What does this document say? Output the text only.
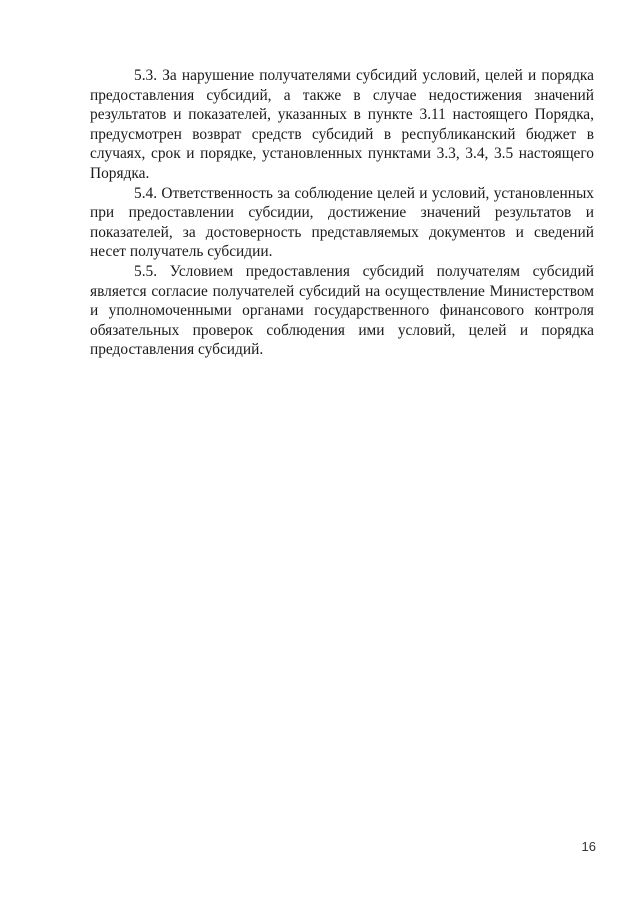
5.3. За нарушение получателями субсидий условий, целей и порядка предоставления субсидий, а также в случае недостижения значений результатов и показателей, указанных в пункте 3.11 настоящего Порядка, предусмотрен возврат средств субсидий в республиканский бюджет в случаях, срок и порядке, установленных пунктами 3.3, 3.4, 3.5 настоящего Порядка.

5.4. Ответственность за соблюдение целей и условий, установленных при предоставлении субсидии, достижение значений результатов и показателей, за достоверность представляемых документов и сведений несет получатель субсидии.

5.5. Условием предоставления субсидий получателям субсидий является согласие получателей субсидий на осуществление Министерством и уполномоченными органами государственного финансового контроля обязательных проверок соблюдения ими условий, целей и порядка предоставления субсидий.

16
